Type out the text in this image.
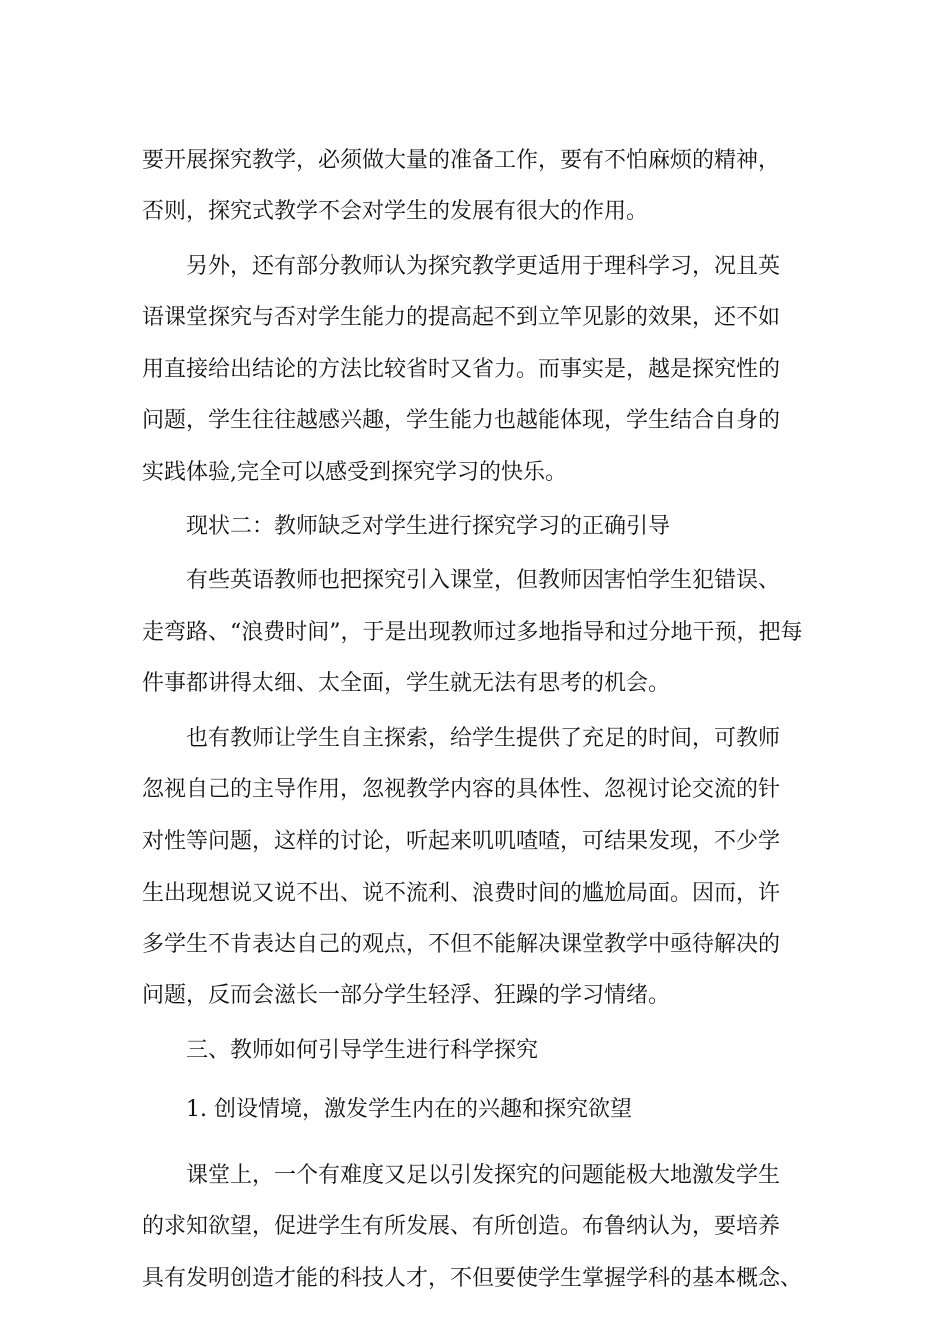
要开展探究教学，必须做大量的准备工作，要有不怕麻烦的精神，
否则，探究式教学不会对学生的发展有很大的作用。
另外，还有部分教师认为探究教学更适用于理科学习，况且英
语课堂探究与否对学生能力的提高起不到立竿见影的效果，还不如
用直接给出结论的方法比较省时又省力。而事实是，越是探究性的
问题，学生往往越感兴趣，学生能力也越能体现，学生结合自身的
实践体验,完全可以感受到探究学习的快乐。
现状二：教师缺乏对学生进行探究学习的正确引导
有些英语教师也把探究引入课堂，但教师因害怕学生犯错误、
走弯路、“浪费时间”，于是出现教师过多地指导和过分地干预，把每
件事都讲得太细、太全面，学生就无法有思考的机会。
也有教师让学生自主探索，给学生提供了充足的时间，可教师
忽视自己的主导作用，忽视教学内容的具体性、忽视讨论交流的针
对性等问题，这样的讨论，听起来叽叽喳喳，可结果发现，不少学
生出现想说又说不出、说不流利、浪费时间的尴尬局面。因而，许
多学生不肯表达自己的观点，不但不能解决课堂教学中亟待解决的
问题，反而会滋长一部分学生轻浮、狂躁的学习情绪。
三、教师如何引导学生进行科学探究
1. 创设情境，激发学生内在的兴趣和探究欲望
课堂上，一个有难度又足以引发探究的问题能极大地激发学生
的求知欲望，促进学生有所发展、有所创造。布鲁纳认为，要培养
具有发明创造才能的科技人才，不但要使学生掌握学科的基本概念、
